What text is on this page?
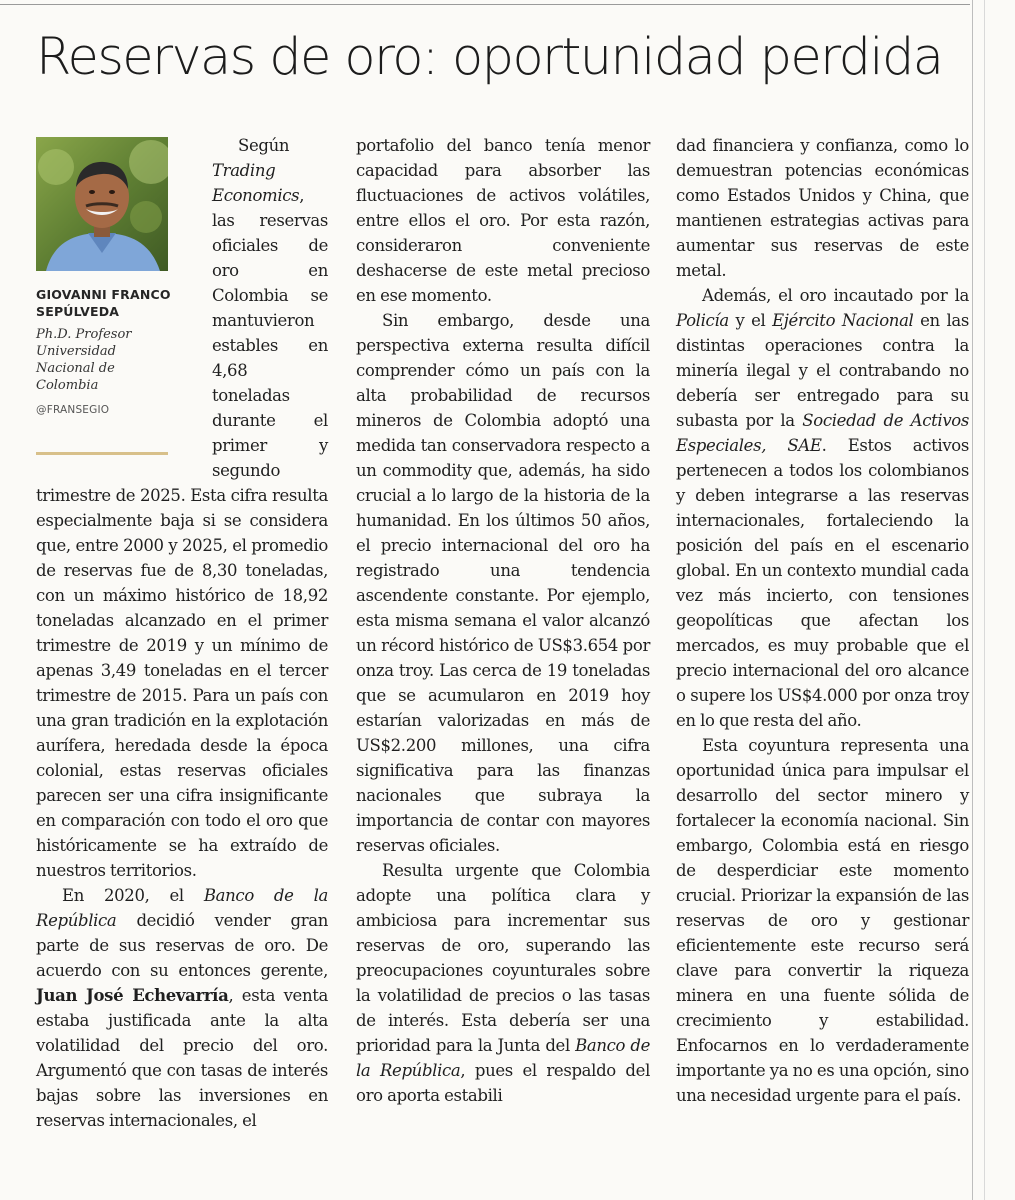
Reservas de oro: oportunidad perdida

GIOVANNI FRANCO SEPÚLVEDA

Ph.D. Profesor Universidad Nacional de Colombia

@FRANSEGIO

Según Trading Economics, las reservas oficiales de oro en Colombia se mantuvieron estables en 4,68 toneladas durante el primer y segundo trimestre de 2025. Esta cifra resulta especialmente baja si se considera que, entre 2000 y 2025, el promedio de reservas fue de 8,30 toneladas, con un máximo histórico de 18,92 toneladas alcanzado en el primer trimestre de 2019 y un mínimo de apenas 3,49 toneladas en el tercer trimestre de 2015. Para un país con una gran tradición en la explotación aurífera, heredada desde la época colonial, estas reservas oficiales parecen ser una cifra insignificante en comparación con todo el oro que históricamente se ha extraído de nuestros territorios.

En 2020, el Banco de la República decidió vender gran parte de sus reservas de oro. De acuerdo con su entonces gerente, Juan José Echevarría, esta venta estaba justificada ante la alta volatilidad del precio del oro. Argumentó que con tasas de interés bajas sobre las inversiones en reservas internacionales, el

portafolio del banco tenía menor capacidad para absorber las fluctuaciones de activos volátiles, entre ellos el oro. Por esta razón, consideraron conveniente deshacerse de este metal precioso en ese momento.

Sin embargo, desde una perspectiva externa resulta difícil comprender cómo un país con la alta probabilidad de recursos mineros de Colombia adoptó una medida tan conservadora respecto a un commodity que, además, ha sido crucial a lo largo de la historia de la humanidad. En los últimos 50 años, el precio internacional del oro ha registrado una tendencia ascendente constante. Por ejemplo, esta misma semana el valor alcanzó un récord histórico de US$3.654 por onza troy. Las cerca de 19 toneladas que se acumularon en 2019 hoy estarían valorizadas en más de US$2.200 millones, una cifra significativa para las finanzas nacionales que subraya la importancia de contar con mayores reservas oficiales.

Resulta urgente que Colombia adopte una política clara y ambiciosa para incrementar sus reservas de oro, superando las preocupaciones coyunturales sobre la volatilidad de precios o las tasas de interés. Esta debería ser una prioridad para la Junta del Banco de la República, pues el respaldo del oro aporta estabili

dad financiera y confianza, como lo demuestran potencias económicas como Estados Unidos y China, que mantienen estrategias activas para aumentar sus reservas de este metal.

Además, el oro incautado por la Policía y el Ejército Nacional en las distintas operaciones contra la minería ilegal y el contrabando no debería ser entregado para su subasta por la Sociedad de Activos Especiales, SAE. Estos activos pertenecen a todos los colombianos y deben integrarse a las reservas internacionales, fortaleciendo la posición del país en el escenario global. En un contexto mundial cada vez más incierto, con tensiones geopolíticas que afectan los mercados, es muy probable que el precio internacional del oro alcance o supere los US$4.000 por onza troy en lo que resta del año.

Esta coyuntura representa una oportunidad única para impulsar el desarrollo del sector minero y fortalecer la economía nacional. Sin embargo, Colombia está en riesgo de desperdiciar este momento crucial. Priorizar la expansión de las reservas de oro y gestionar eficientemente este recurso será clave para convertir la riqueza minera en una fuente sólida de crecimiento y estabilidad. Enfocarnos en lo verdaderamente importante ya no es una opción, sino una necesidad urgente para el país.
